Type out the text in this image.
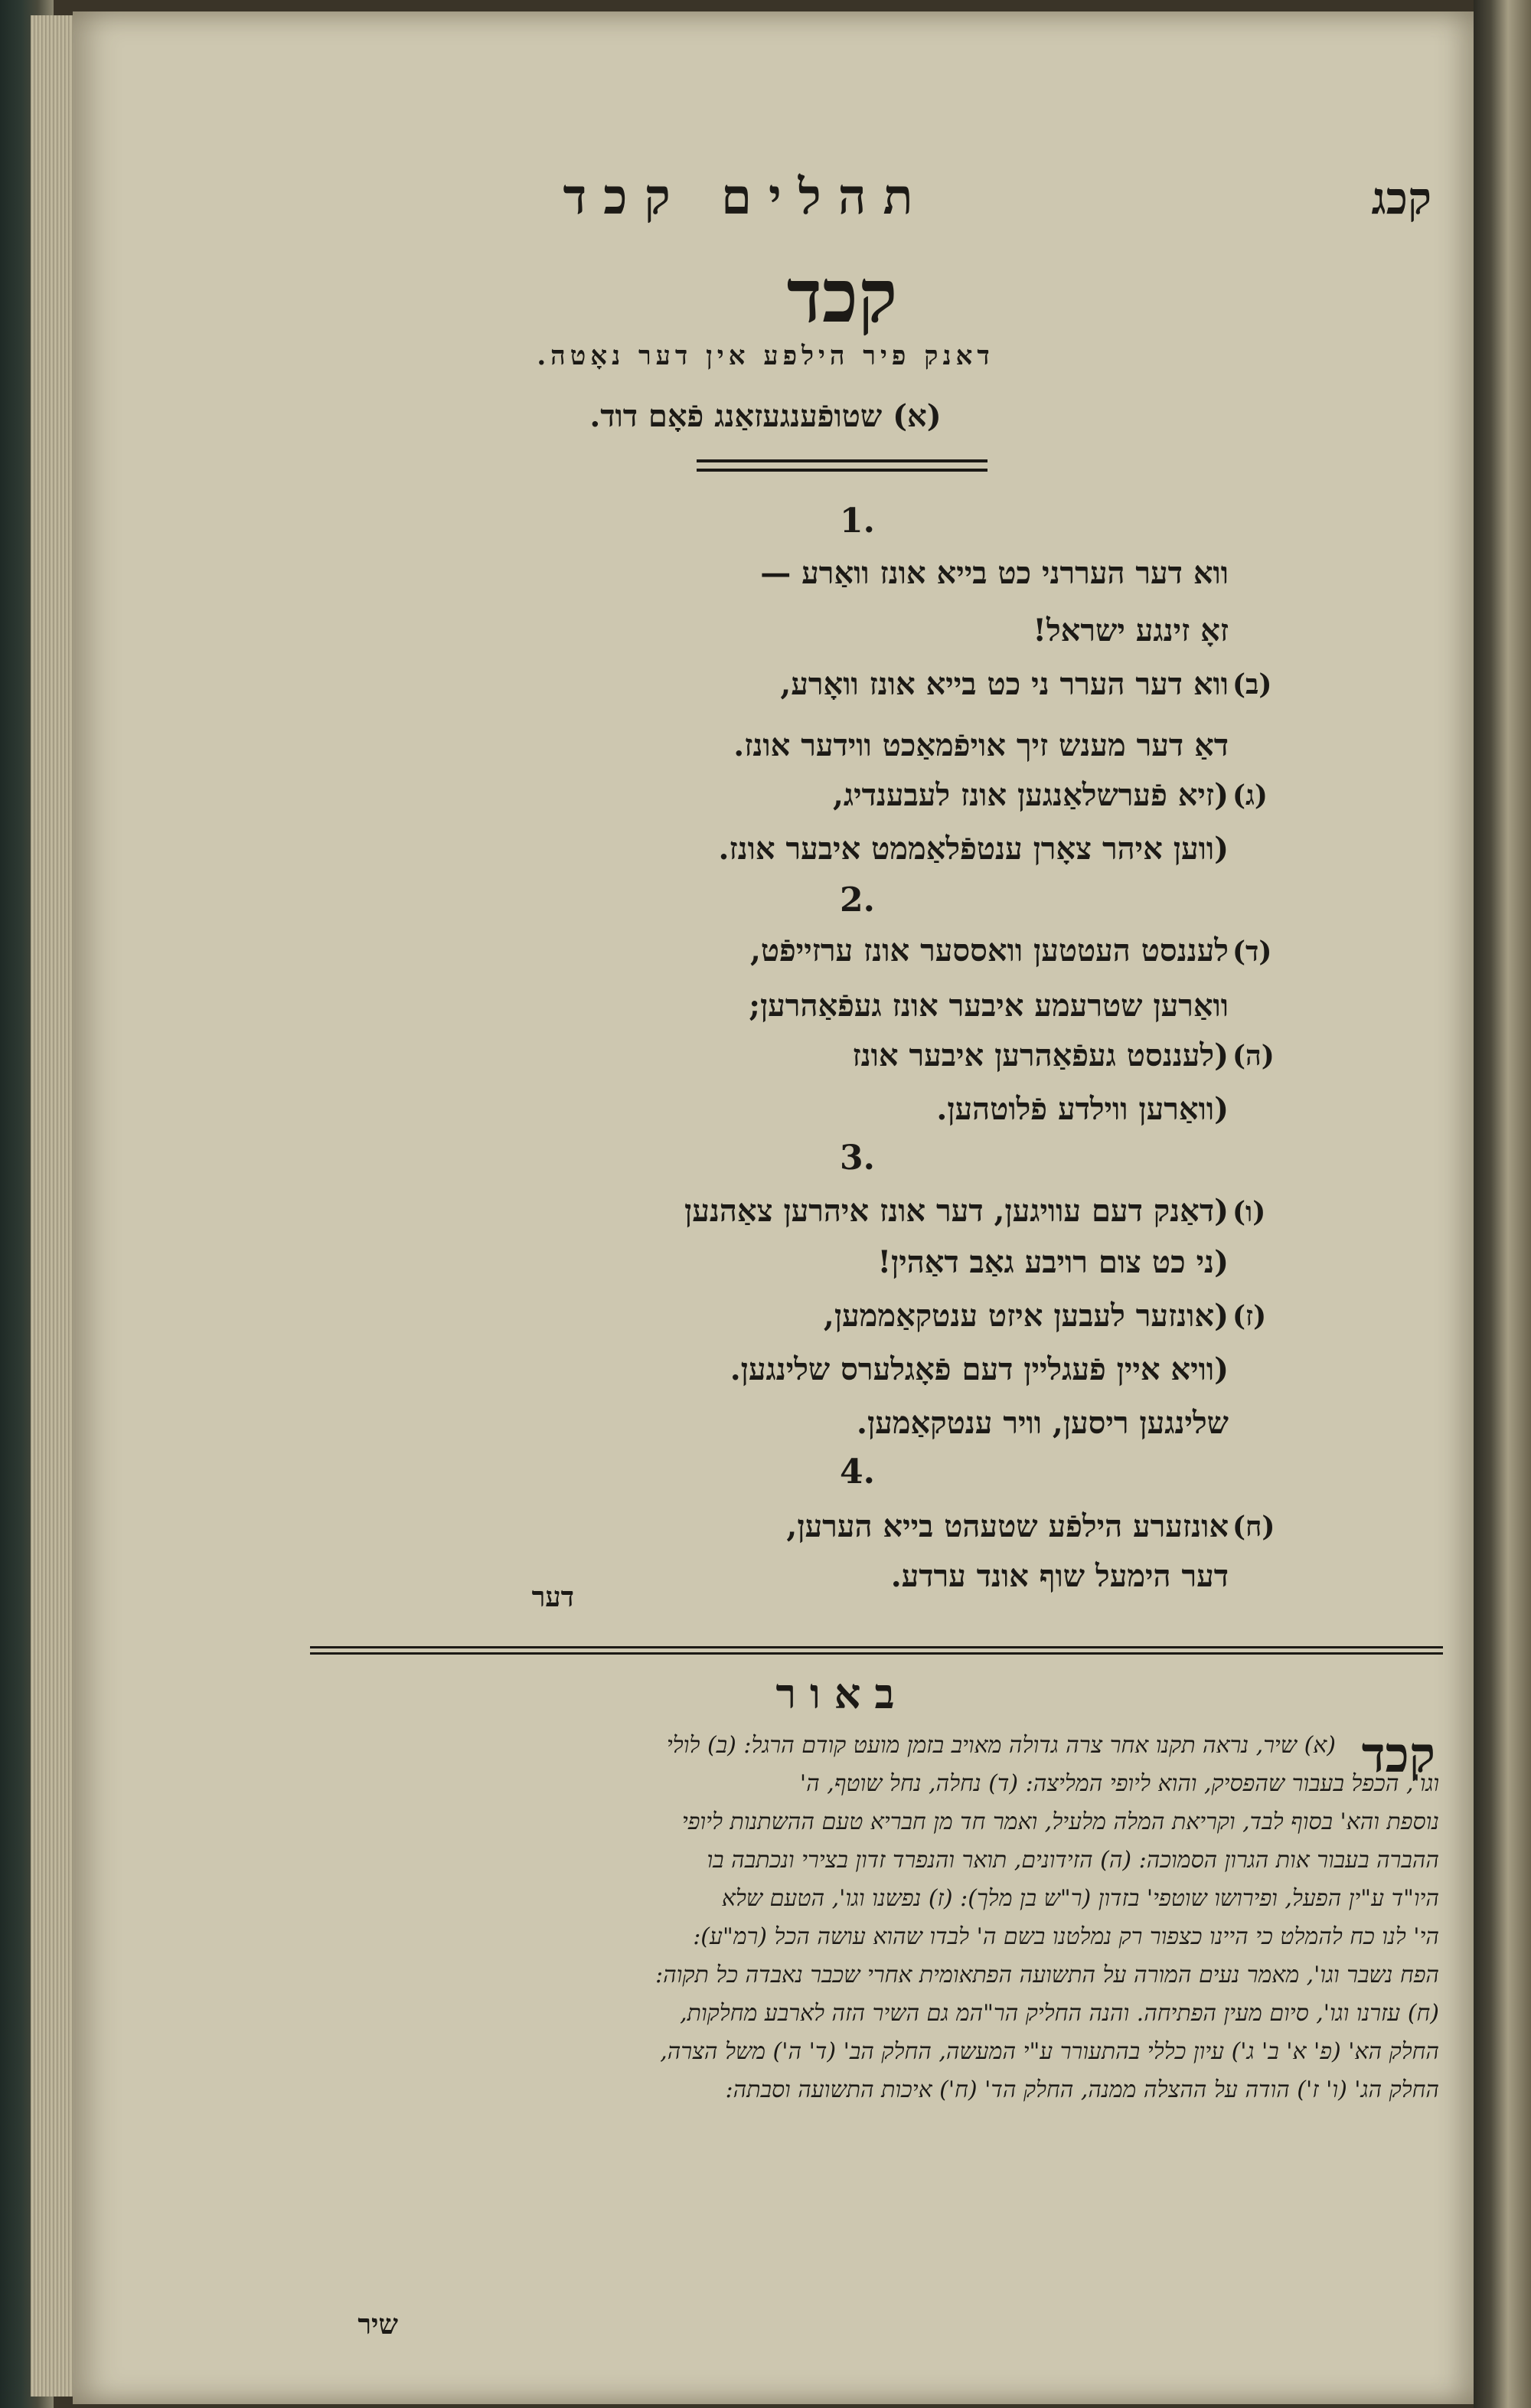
תהלים קכד	קכג
קכד
דאנק פיר הילפע אין דער נאָטה.
(א) שטופֿענגעזאַנג פֿאָם דוד.
1.
ווא דער העררני כט בייא אונז וואַרע —
זאָ זינגע ישראל!
(ב)
ווא דער הערר ני כט בייא אונז וואָרע,
דאַ דער מענש זיך אויפֿמאַכט ווידער אונז.
(ג)
(זיא פֿערשלאַנגען אונז לעבענדיג,
(ווען איהר צאָרן ענטפֿלאַממט איבער אונז.
2.
(ד)
לעננסט העטטען וואססער אונז ערזייפֿט,
וואַרען שטרעמע איבער אונז געפֿאַהרען;
(ה)
(לעננסט געפֿאַהרען איבער אונז
(וואַרען ווילדע פֿלוטהען.
3.
(ו)
(דאַנק דעם עוויגען, דער אונז איהרען צאַהנען
(ני כט צום רויבע גאַב דאַהין!
(ז)
(אונזער לעבען איזט ענטקאַממען,
(וויא איין פֿעגליין דעם פֿאָגלערס שלינגען.
שלינגען ריסען, וויר ענטקאַמען.
4.
(ח)
אונזערע הילפֿע שטעהט בייא הערען,
דער הימעל שוף אונד ערדע.
דער
באור
קכד
(א) שיר, נראה תקנו אחר צרה גדולה מאויב בזמן מועט קודם הרגל: (ב) לולי
וגו', הכפל בעבור שהפסיק, והוא ליופי המליצה: (ד) נחלה, נחל שוטף, ה'
נוספת והא' בסוף לבד, וקריאת המלה מלעיל, ואמר חד מן חבריא טעם ההשתנות ליופי
ההברה בעבור אות הגרון הסמוכה: (ה) הזידונים, תואר והנפרד זדון בצירי ונכתבה בו
היו"ד ע"ין הפעל, ופירושו שוטפי' בזדון (ר"ש בן מלך): (ז) נפשנו וגו', הטעם שלא
הי' לנו כח להמלט כי היינו כצפור רק נמלטנו בשם ה' לבדו שהוא עושה הכל (רמ"ע):
הפח נשבר וגו', מאמר נעים המורה על התשועה הפתאומית אחרי שכבר נאבדה כל תקוה:
(ח) עזרנו וגו', סיום מעין הפתיחה. והנה החליק הר"המ גם השיר הזה לארבע מחלקות,
החלק הא' (פ' א' ב' ג') עיון כללי בהתעורר ע"י המעשה, החלק הב' (ד' ה') משל הצרה,
החלק הג' (ו' ז') הודה על ההצלה ממנה, החלק הד' (ח') איכות התשועה וסבתה:
שיר
